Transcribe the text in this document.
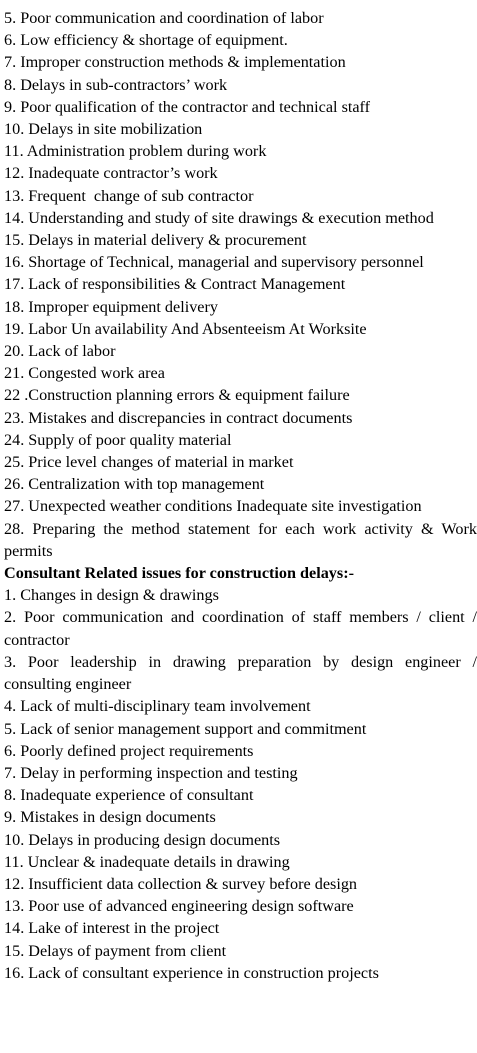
5. Poor communication and coordination of labor
6. Low efficiency & shortage of equipment.
7. Improper construction methods & implementation
8. Delays in sub-contractors’ work
9. Poor qualification of the contractor and technical staff
10. Delays in site mobilization
11. Administration problem during work
12. Inadequate contractor’s work
13. Frequent  change of sub contractor
14. Understanding and study of site drawings & execution method
15. Delays in material delivery & procurement
16. Shortage of Technical, managerial and supervisory personnel
17. Lack of responsibilities & Contract Management
18. Improper equipment delivery
19. Labor Un availability And Absenteeism At Worksite
20. Lack of labor
21. Congested work area
22 .Construction planning errors & equipment failure
23. Mistakes and discrepancies in contract documents
24. Supply of poor quality material
25. Price level changes of material in market
26. Centralization with top management
27. Unexpected weather conditions Inadequate site investigation
28. Preparing the method statement for each work activity & Work permits
Consultant Related issues for construction delays:-
1. Changes in design & drawings
2. Poor communication and coordination of staff members / client / contractor
3. Poor leadership in drawing preparation by design engineer / consulting engineer
4. Lack of multi-disciplinary team involvement
5. Lack of senior management support and commitment
6. Poorly defined project requirements
7. Delay in performing inspection and testing
8. Inadequate experience of consultant
9. Mistakes in design documents
10. Delays in producing design documents
11. Unclear & inadequate details in drawing
12. Insufficient data collection & survey before design
13. Poor use of advanced engineering design software
14. Lake of interest in the project
15. Delays of payment from client
16. Lack of consultant experience in construction projects
